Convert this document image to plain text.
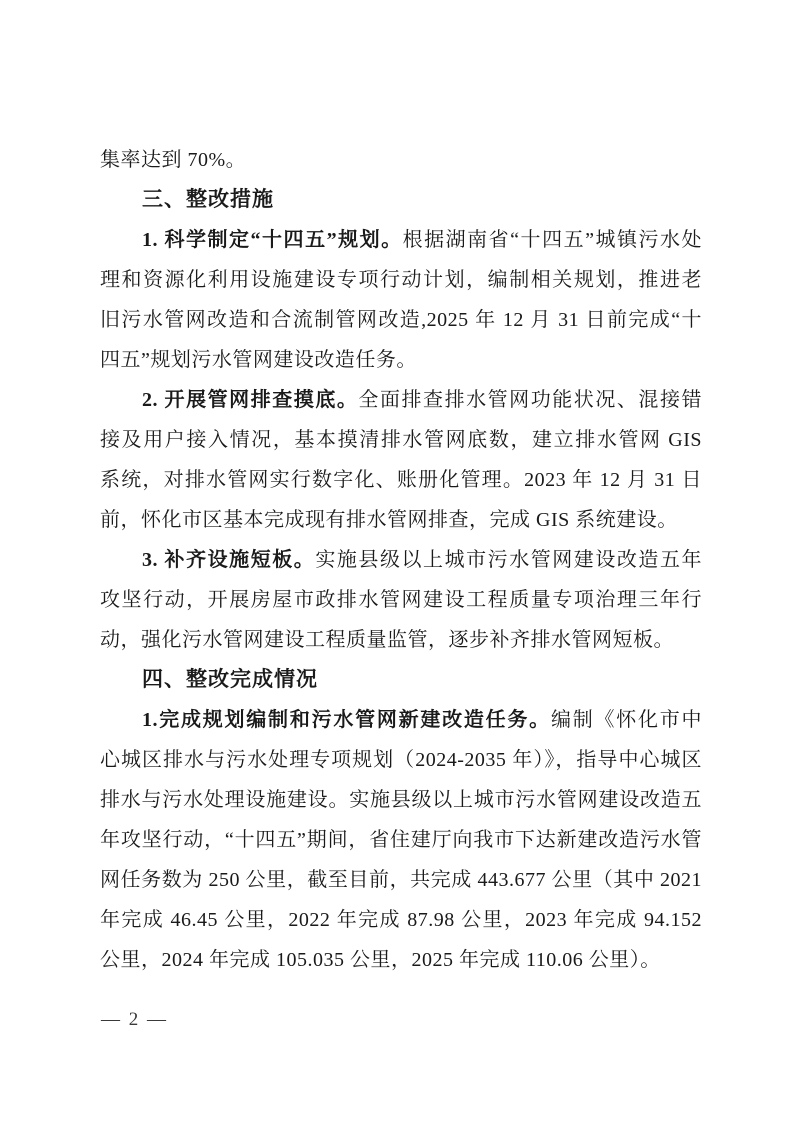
集率达到 70%。
三、整改措施
1. 科学制定“十四五”规划。根据湖南省“十四五”城镇污水处
理和资源化利用设施建设专项行动计划，编制相关规划，推进老
旧污水管网改造和合流制管网改造,2025 年 12 月 31 日前完成“十
四五”规划污水管网建设改造任务。
2. 开展管网排查摸底。全面排查排水管网功能状况、混接错
接及用户接入情况，基本摸清排水管网底数，建立排水管网 GIS
系统，对排水管网实行数字化、账册化管理。2023 年 12 月 31 日
前，怀化市区基本完成现有排水管网排查，完成 GIS 系统建设。
3. 补齐设施短板。实施县级以上城市污水管网建设改造五年
攻坚行动，开展房屋市政排水管网建设工程质量专项治理三年行
动，强化污水管网建设工程质量监管，逐步补齐排水管网短板。
四、整改完成情况
1.完成规划编制和污水管网新建改造任务。编制《怀化市中
心城区排水与污水处理专项规划（2024-2035 年）》，指导中心城区
排水与污水处理设施建设。实施县级以上城市污水管网建设改造五
年攻坚行动，“十四五”期间，省住建厅向我市下达新建改造污水管
网任务数为 250 公里，截至目前，共完成 443.677 公里（其中 2021
年完成 46.45 公里，2022 年完成 87.98 公里，2023 年完成 94.152
公里，2024 年完成 105.035 公里，2025 年完成 110.06 公里）。
— 2 —
